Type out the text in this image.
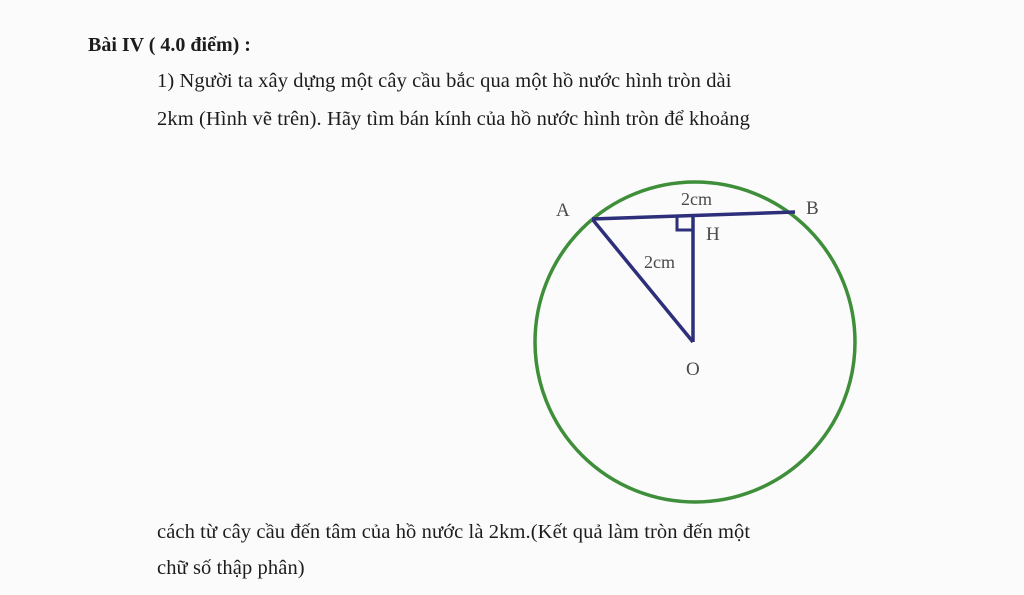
Bài IV ( 4.0 điểm) :
1) Người ta xây dựng một cây cầu bắc qua một hồ nước hình tròn dài
2km (Hình vẽ trên). Hãy tìm bán kính của hồ nước hình tròn để khoảng
A	B
H
O
2cm
2cm
cách từ cây cầu đến tâm của hồ nước là 2km.(Kết quả làm tròn đến một
chữ số thập phân)
